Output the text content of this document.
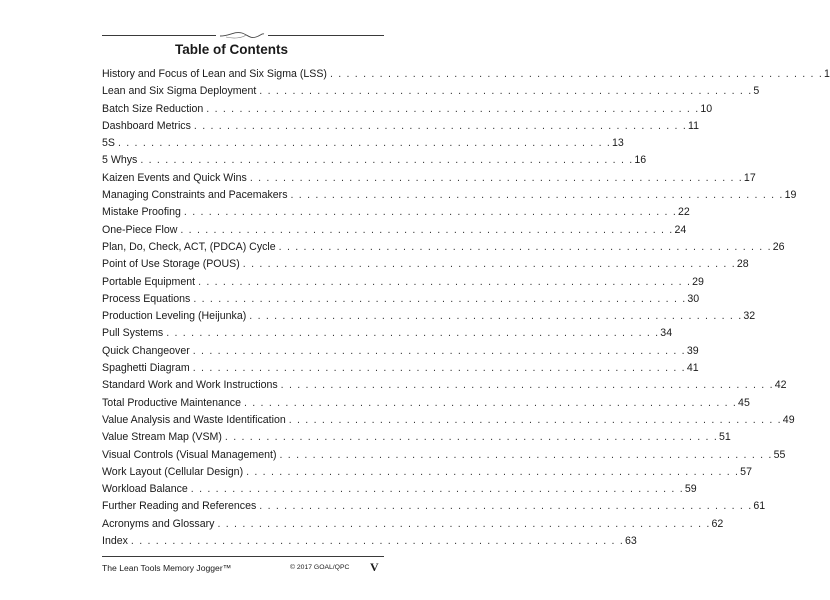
Table of Contents
History and Focus of Lean and Six Sigma (LSS) . . . . . . . . . . . . . . . . . . . . . . . . . . . . . . . . . . . . . . . . . . . . . . . . . . . . . . . . . . . . 1
Lean and Six Sigma Deployment . . . . . . . . . . . . . . . . . . . . . . . . . . . . . . . . . . . . . . . . . . . . . . . . . . . . . . . . . . . . 5
Batch Size Reduction . . . . . . . . . . . . . . . . . . . . . . . . . . . . . . . . . . . . . . . . . . . . . . . . . . . . . . . . . . . . 10
Dashboard Metrics . . . . . . . . . . . . . . . . . . . . . . . . . . . . . . . . . . . . . . . . . . . . . . . . . . . . . . . . . . . . 11
5S . . . . . . . . . . . . . . . . . . . . . . . . . . . . . . . . . . . . . . . . . . . . . . . . . . . . . . . . . . . . 13
5 Whys . . . . . . . . . . . . . . . . . . . . . . . . . . . . . . . . . . . . . . . . . . . . . . . . . . . . . . . . . . . . 16
Kaizen Events and Quick Wins . . . . . . . . . . . . . . . . . . . . . . . . . . . . . . . . . . . . . . . . . . . . . . . . . . . . . . . . . . . . 17
Managing Constraints and Pacemakers . . . . . . . . . . . . . . . . . . . . . . . . . . . . . . . . . . . . . . . . . . . . . . . . . . . . . . . . . . . . 19
Mistake Proofing . . . . . . . . . . . . . . . . . . . . . . . . . . . . . . . . . . . . . . . . . . . . . . . . . . . . . . . . . . . . 22
One-Piece Flow . . . . . . . . . . . . . . . . . . . . . . . . . . . . . . . . . . . . . . . . . . . . . . . . . . . . . . . . . . . . 24
Plan, Do, Check, ACT, (PDCA) Cycle . . . . . . . . . . . . . . . . . . . . . . . . . . . . . . . . . . . . . . . . . . . . . . . . . . . . . . . . . . . . 26
Point of Use Storage (POUS) . . . . . . . . . . . . . . . . . . . . . . . . . . . . . . . . . . . . . . . . . . . . . . . . . . . . . . . . . . . . 28
Portable Equipment . . . . . . . . . . . . . . . . . . . . . . . . . . . . . . . . . . . . . . . . . . . . . . . . . . . . . . . . . . . . 29
Process Equations . . . . . . . . . . . . . . . . . . . . . . . . . . . . . . . . . . . . . . . . . . . . . . . . . . . . . . . . . . . . 30
Production Leveling (Heijunka) . . . . . . . . . . . . . . . . . . . . . . . . . . . . . . . . . . . . . . . . . . . . . . . . . . . . . . . . . . . . 32
Pull Systems . . . . . . . . . . . . . . . . . . . . . . . . . . . . . . . . . . . . . . . . . . . . . . . . . . . . . . . . . . . . 34
Quick Changeover . . . . . . . . . . . . . . . . . . . . . . . . . . . . . . . . . . . . . . . . . . . . . . . . . . . . . . . . . . . . 39
Spaghetti Diagram . . . . . . . . . . . . . . . . . . . . . . . . . . . . . . . . . . . . . . . . . . . . . . . . . . . . . . . . . . . . 41
Standard Work and Work Instructions . . . . . . . . . . . . . . . . . . . . . . . . . . . . . . . . . . . . . . . . . . . . . . . . . . . . . . . . . . . . 42
Total Productive Maintenance . . . . . . . . . . . . . . . . . . . . . . . . . . . . . . . . . . . . . . . . . . . . . . . . . . . . . . . . . . . . 45
Value Analysis and Waste Identification . . . . . . . . . . . . . . . . . . . . . . . . . . . . . . . . . . . . . . . . . . . . . . . . . . . . . . . . . . . . 49
Value Stream Map (VSM) . . . . . . . . . . . . . . . . . . . . . . . . . . . . . . . . . . . . . . . . . . . . . . . . . . . . . . . . . . . . 51
Visual Controls (Visual Management) . . . . . . . . . . . . . . . . . . . . . . . . . . . . . . . . . . . . . . . . . . . . . . . . . . . . . . . . . . . . 55
Work Layout (Cellular Design) . . . . . . . . . . . . . . . . . . . . . . . . . . . . . . . . . . . . . . . . . . . . . . . . . . . . . . . . . . . . 57
Workload Balance . . . . . . . . . . . . . . . . . . . . . . . . . . . . . . . . . . . . . . . . . . . . . . . . . . . . . . . . . . . . 59
Further Reading and References . . . . . . . . . . . . . . . . . . . . . . . . . . . . . . . . . . . . . . . . . . . . . . . . . . . . . . . . . . . . 61
Acronyms and Glossary . . . . . . . . . . . . . . . . . . . . . . . . . . . . . . . . . . . . . . . . . . . . . . . . . . . . . . . . . . . . 62
Index . . . . . . . . . . . . . . . . . . . . . . . . . . . . . . . . . . . . . . . . . . . . . . . . . . . . . . . . . . . . 63
The Lean Tools Memory Jogger™	© 2017 GOAL/QPC V
